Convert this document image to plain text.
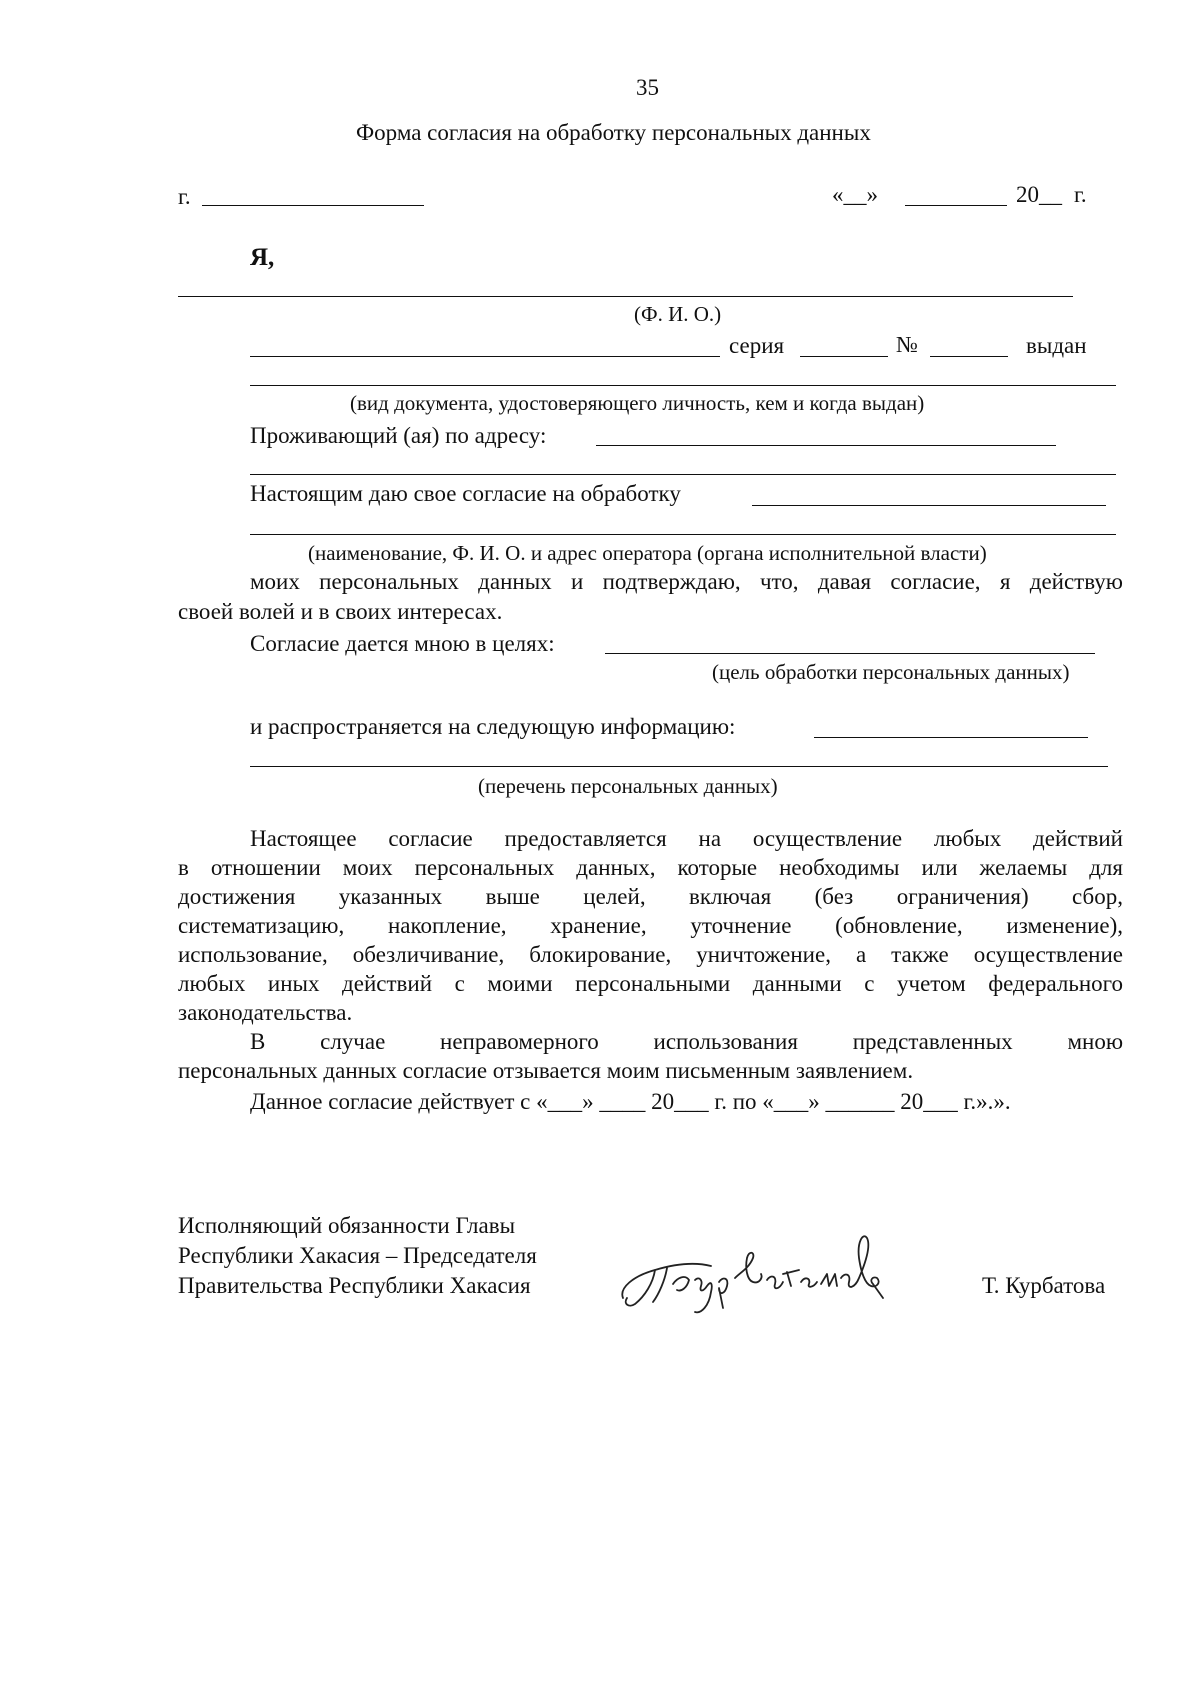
35
Форма согласия на обработку персональных данных
г.	«__»	20__ г.
Я,
(Ф. И. О.)
серия	№	выдан
(вид документа, удостоверяющего личность, кем и когда выдан)
Проживающий (ая) по адресу:
Настоящим даю свое согласие на обработку
(наименование, Ф. И. О. и адрес оператора (органа исполнительной власти)
моих персональных данных и подтверждаю, что, давая согласие, я действую
своей волей и в своих интересах.
Согласие дается мною в целях:
(цель обработки персональных данных)
и распространяется на следующую информацию:
(перечень персональных данных)
Настоящее согласие предоставляется на осуществление любых действий
в отношении моих персональных данных, которые необходимы или желаемы для
достижения указанных выше целей, включая (без ограничения) сбор,
систематизацию, накопление, хранение, уточнение (обновление, изменение),
использование, обезличивание, блокирование, уничтожение, а также осуществление
любых иных действий с моими персональными данными с учетом федерального
законодательства.
В случае неправомерного использования представленных мною
персональных данных согласие отзывается моим письменным заявлением.
Данное согласие действует с «___» ____ 20___ г. по «___» ______ 20___ г.».».
Исполняющий обязанности Главы
Республики Хакасия – Председателя
Правительства Республики Хакасия	Т. Курбатова
